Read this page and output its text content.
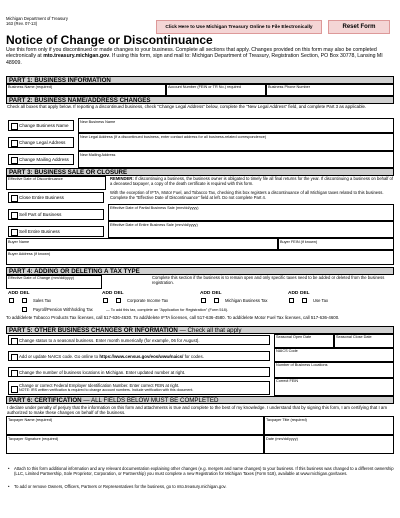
Michigan Department of Treasury
163 (Rev. 07-13)
Click Here to Use Michigan Treasury Online to File Electronically	Reset Form
Notice of Change or Discontinuance
Use this form only if you discontinued or made changes to your business. Complete all sections that apply. Changes provided on this form may also be completed electronically at mto.treasury.michigan.gov. If using this form, sign and mail to: Michigan Department of Treasury, Registration Section, PO Box 30778, Lansing MI 48909.
PART 1: BUSINESS INFORMATION
Business Name (required)	Account Number (FEIN or TR No.) required	Business Phone Number
PART 2: BUSINESS NAME/ADDRESS CHANGES
Check all boxes that apply below. If reporting a discontinued business, check "Change Legal Address" below, complete the "New Legal Address" field, and complete Part 3 as applicable.
Change Business Name
New Business Name
Change Legal Address
New Legal Address (If a discontinued business, enter contact address for all business-related correspondence)
Change Mailing Address
New Mailing Address
PART 3: BUSINESS SALE OR CLOSURE
Effective Date of Discontinuance	REMINDER: If discontinuing a business, the business owner is obligated to timely file all final returns for the year. If discontinuing a business on behalf of a deceased taxpayer, a copy of the death certificate is required with this form.
Close Entire Business
With the exception of IFTA, Motor Fuel, and Tobacco Tax, checking this box registers a discontinuance of all Michigan taxes related to this business. Complete the "Effective Date of Discontinuance" field at left. Do not complete Part 4.
Sell Part of Business
Effective Date of Partial Business Sale (mm/dd/yyyy)
Sell Entire Business
Effective Date of Entire Business Sale (mm/dd/yyyy)
Buyer Name	Buyer FEIN (if known)
Buyer Address (if known)
PART 4: ADDING OR DELETING A TAX TYPE
Effective Date of Change (mm/dd/yyyy)	Complete this section if the business is to remain open and only specific taxes need to be added or deleted from the business registration.
ADD DEL	ADD DEL	ADD DEL	ADD DEL
Sales Tax	Corporate Income Tax	Michigan Business Tax	Use Tax
Payroll/Pension Withholding Tax	— To add this tax, complete an "Application for Registration" (Form 518).
To add/delete Tobacco Products Tax licenses, call 517-636-4630. To add/delete IFTA licenses, call 517-636-4580. To add/delete Motor Fuel Tax licenses, call 517-636-4600.
PART 5: OTHER BUSINESS CHANGES OR INFORMATION — Check all that apply
Change status to a seasonal business. Enter month numerically (for example, 06 for August).
Seasonal Open Date	Seasonal Close Date
Add or update NAICS code. Go online to
https://www.census.gov/eos/www/naics/
for codes.
NAICS Code
Change the number of business locations in Michigan. Enter updated number at right.
Number of Business Locations
Change or correct Federal Employer Identification Number. Enter correct FEIN at right.
NOTE: IRS written verification is required to change account numbers. Include verification with this document.
Correct FEIN
PART 6: CERTIFICATION — ALL FIELDS BELOW MUST BE COMPLETED
I declare under penalty of perjury that the information on this form and attachments is true and complete to the best of my knowledge. I understand that by signing this form, I am certifying that I am authorized to make these changes on behalf of the business.
Taxpayer Name (required)	Taxpayer Title (required)
Taxpayer Signature (required)	Date (mm/dd/yyyy)
• Attach to this form additional information and any relevant documentation explaining other changes (e.g. mergers and name changes) to your business. If this business was changed to a different ownership (LLC, Limited Partnership, Sole Proprietor, Corporation, or Partnership) you must complete a new Registration for Michigan Taxes (Form 518), available at www.michigan.gov/taxes.
• To add or remove Owners, Officers, Partners or Representatives for the business, go to mto.treasury.michigan.gov.
